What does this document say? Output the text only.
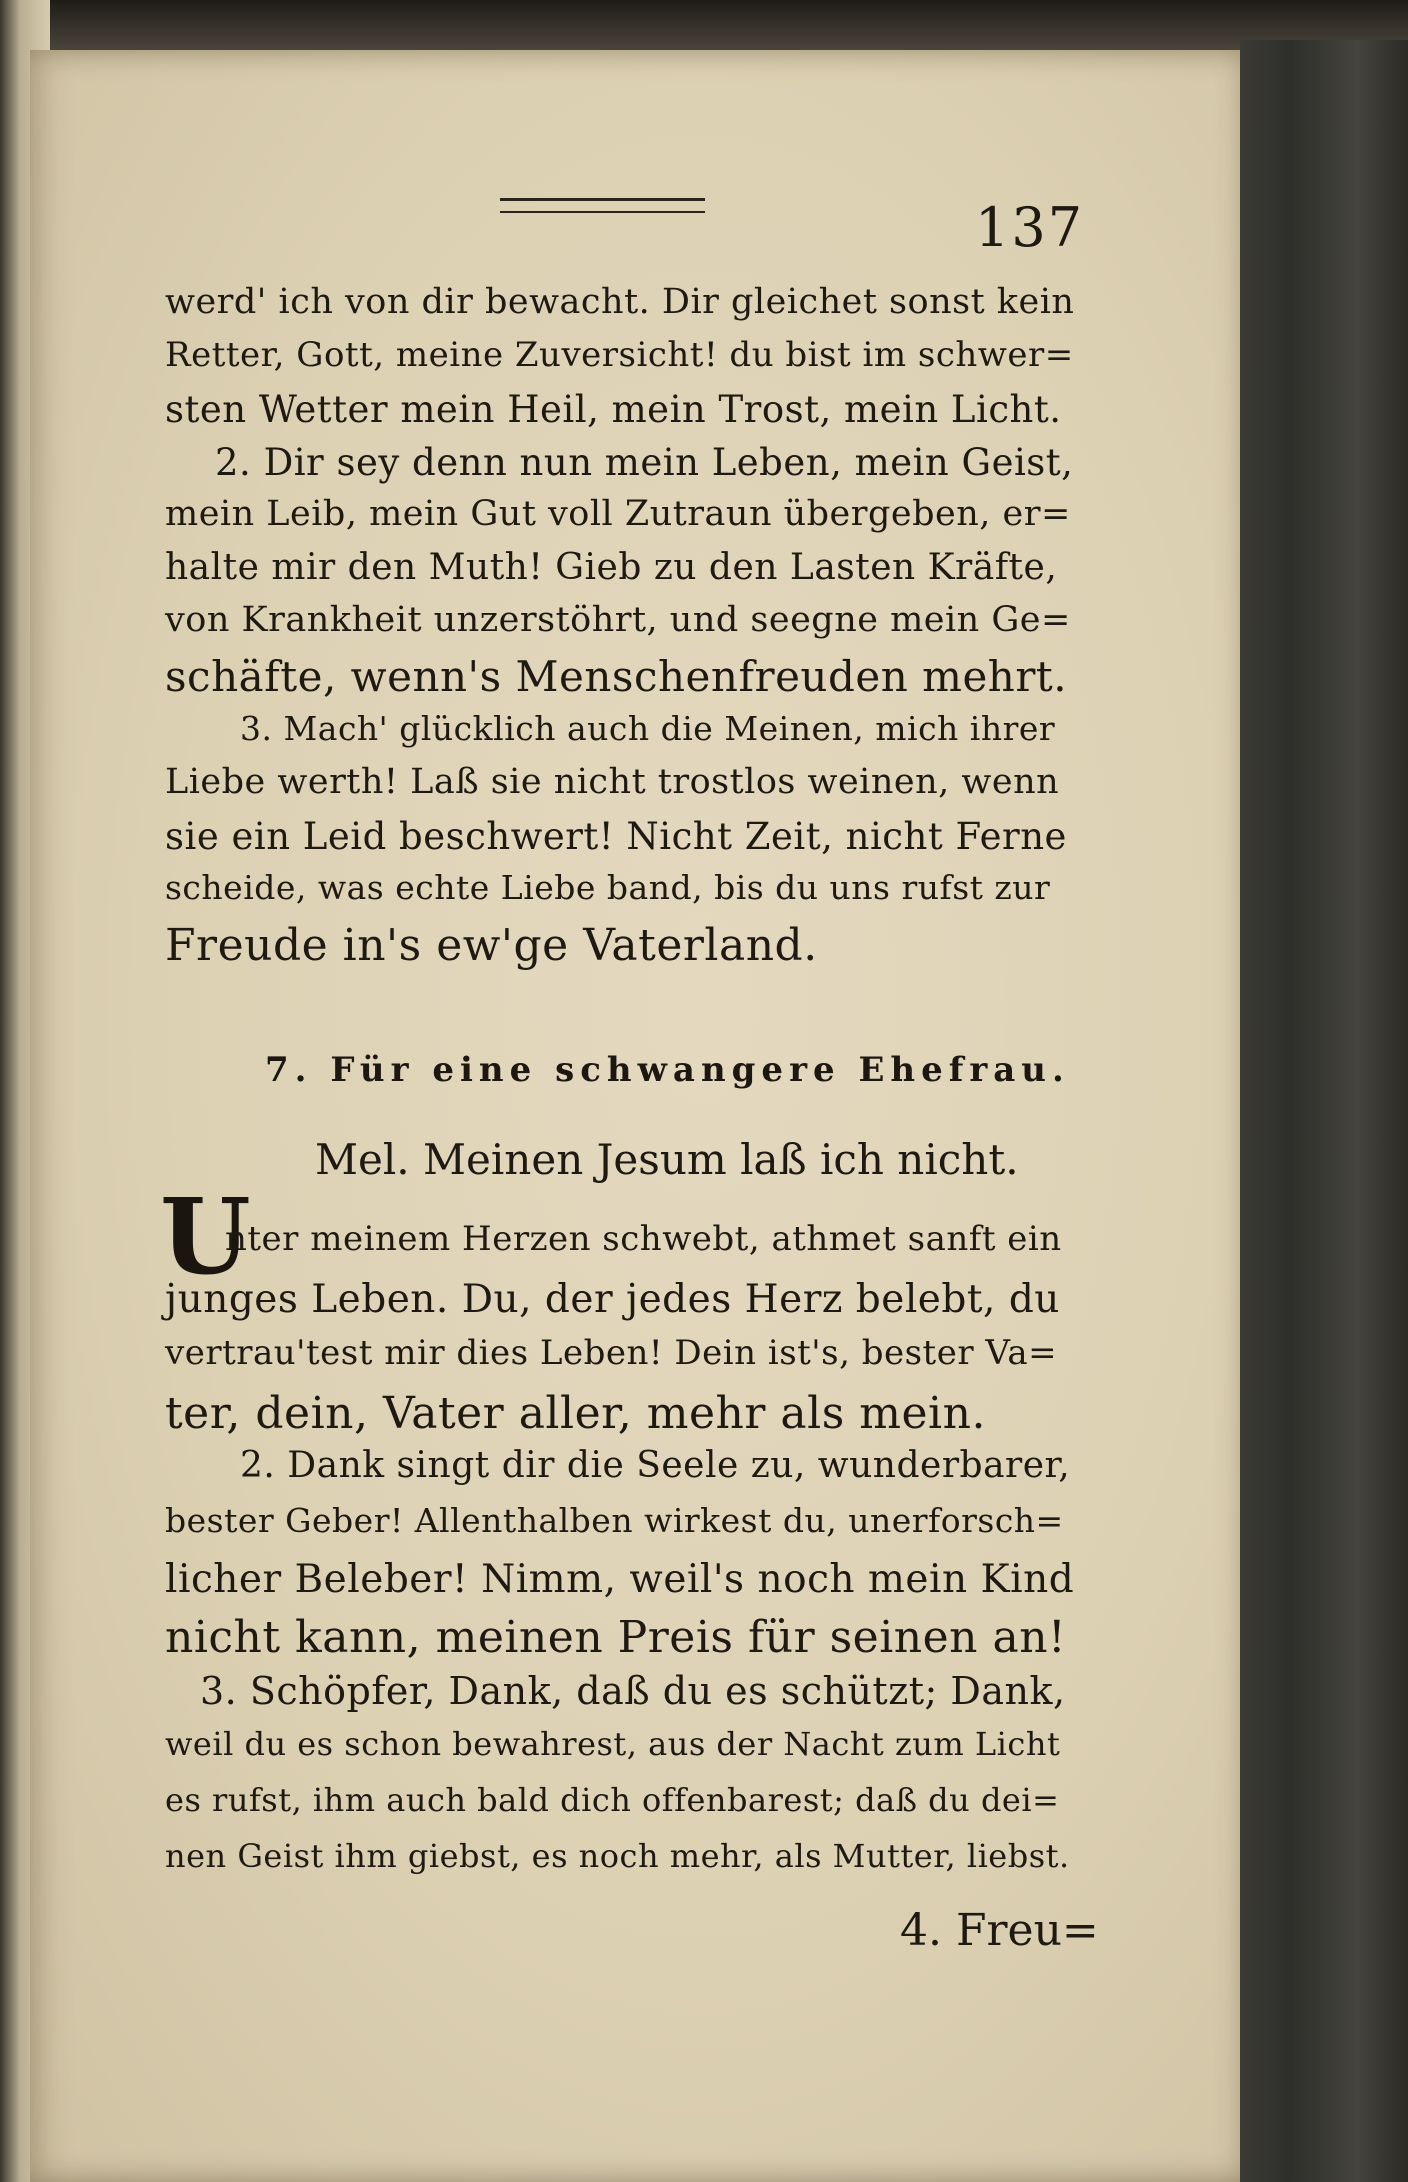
137
werd' ich von dir bewacht. Dir gleichet sonst kein
Retter, Gott, meine Zuversicht! du bist im schwer=
sten Wetter mein Heil, mein Trost, mein Licht.
2. Dir sey denn nun mein Leben, mein Geist,
mein Leib, mein Gut voll Zutraun übergeben, er=
halte mir den Muth! Gieb zu den Lasten Kräfte,
von Krankheit unzerstöhrt, und seegne mein Ge=
schäfte, wenn's Menschenfreuden mehrt.
3. Mach' glücklich auch die Meinen, mich ihrer
Liebe werth! Laß sie nicht trostlos weinen, wenn
sie ein Leid beschwert! Nicht Zeit, nicht Ferne
scheide, was echte Liebe band, bis du uns rufst zur
Freude in's ew'ge Vaterland.
7. Für eine schwangere Ehefrau.
Mel. Meinen Jesum laß ich nicht.
U
nter meinem Herzen schwebt, athmet sanft ein
junges Leben. Du, der jedes Herz belebt, du
vertrau'test mir dies Leben! Dein ist's, bester Va=
ter, dein, Vater aller, mehr als mein.
2. Dank singt dir die Seele zu, wunderbarer,
bester Geber! Allenthalben wirkest du, unerforsch=
licher Beleber! Nimm, weil's noch mein Kind
nicht kann, meinen Preis für seinen an!
3. Schöpfer, Dank, daß du es schützt; Dank,
weil du es schon bewahrest, aus der Nacht zum Licht
es rufst, ihm auch bald dich offenbarest; daß du dei=
nen Geist ihm giebst, es noch mehr, als Mutter, liebst.
4. Freu=
